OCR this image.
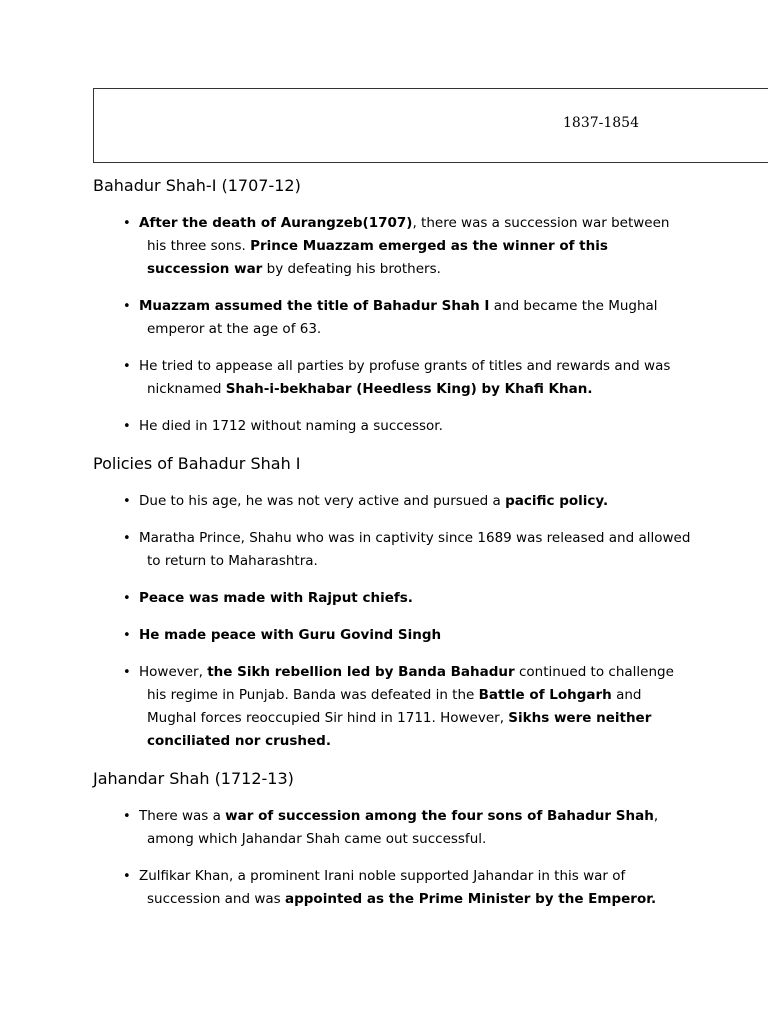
1837-1854
Bahadur Shah-I (1707-12)
• After the death of Aurangzeb(1707), there was a succession war between his three sons. Prince Muazzam emerged as the winner of this succession war by defeating his brothers.
• Muazzam assumed the title of Bahadur Shah I and became the Mughal emperor at the age of 63.
• He tried to appease all parties by profuse grants of titles and rewards and was nicknamed Shah-i-bekhabar (Heedless King) by Khafi Khan.
• He died in 1712 without naming a successor.
Policies of Bahadur Shah I
• Due to his age, he was not very active and pursued a pacific policy.
• Maratha Prince, Shahu who was in captivity since 1689 was released and allowed to return to Maharashtra.
• Peace was made with Rajput chiefs.
• He made peace with Guru Govind Singh
• However, the Sikh rebellion led by Banda Bahadur continued to challenge his regime in Punjab. Banda was defeated in the Battle of Lohgarh and Mughal forces reoccupied Sir hind in 1711. However, Sikhs were neither conciliated nor crushed.
Jahandar Shah (1712-13)
• There was a war of succession among the four sons of Bahadur Shah, among which Jahandar Shah came out successful.
• Zulfikar Khan, a prominent Irani noble supported Jahandar in this war of succession and was appointed as the Prime Minister by the Emperor.
